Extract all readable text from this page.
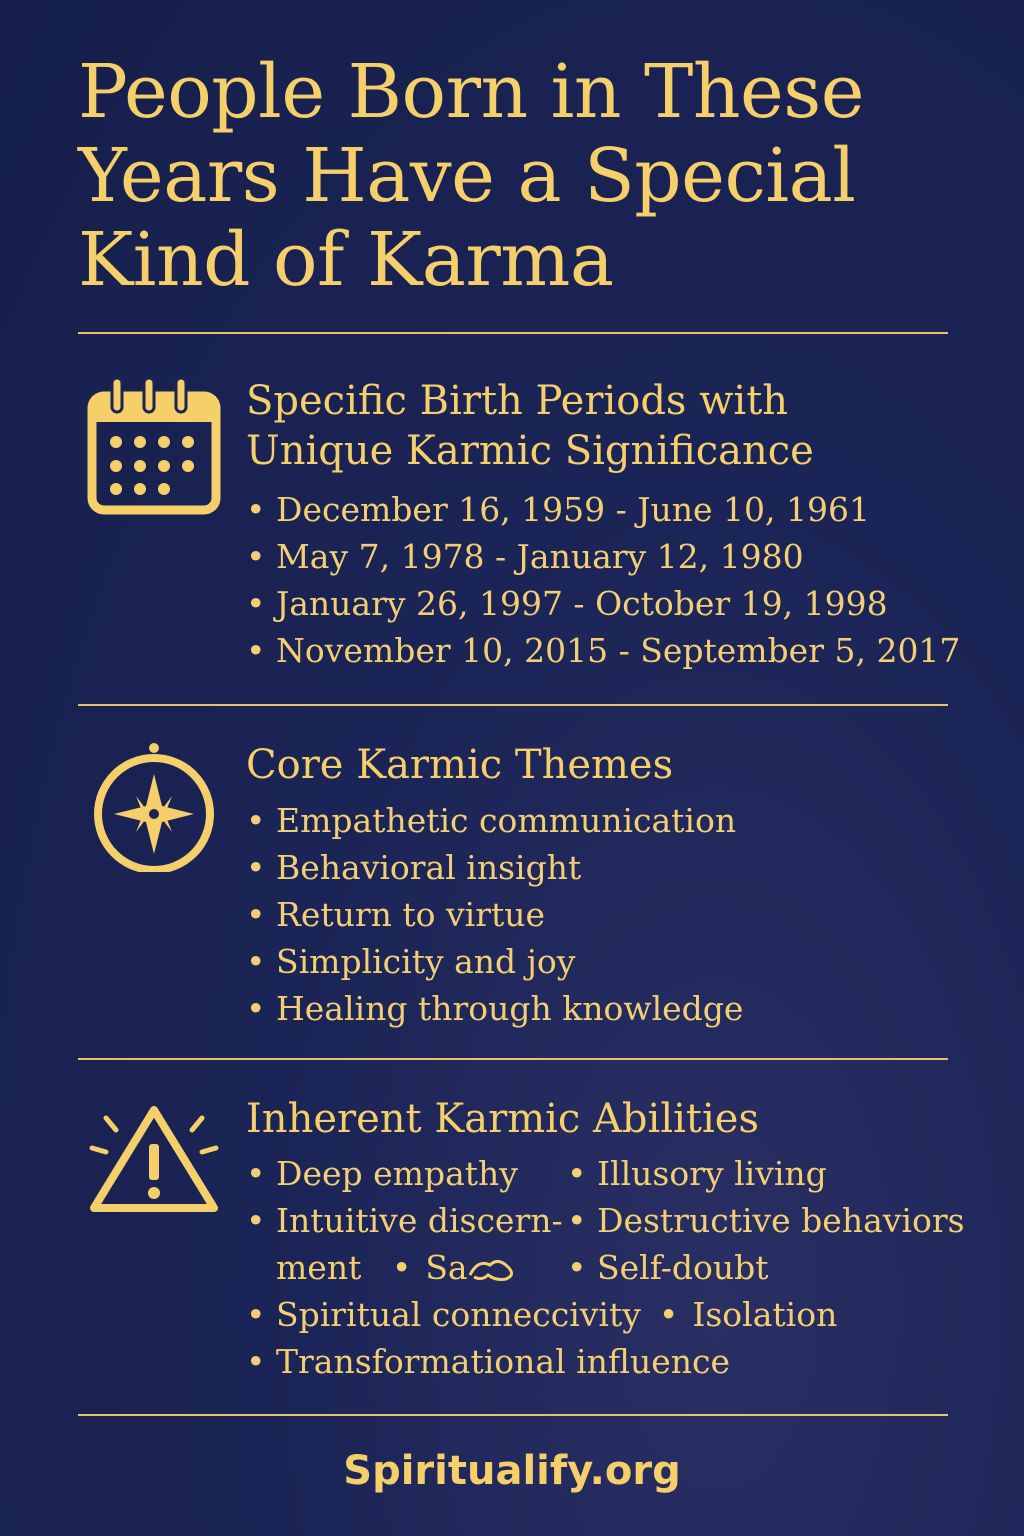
People Born in These Years Have a Special Kind of Karma
Specific Birth Periods with Unique Karmic Significance
• December 16, 1959 - June 10, 1961
• May 7, 1978 - January 12, 1980
• January 26, 1997 - October 19, 1998
• November 10, 2015 - September 5, 2017
Core Karmic Themes
• Empathetic communication
• Behavioral insight
• Return to virtue
• Simplicity and joy
• Healing through knowledge
Inherent Karmic Abilities
• Deep empathy
• Intuitive discern-
ment • Sa
• Spiritual conneccivity • Isolation
• Transformational influence
• Illusory living
• Destructive behaviors
• Self-doubt
Spiritualify.org
